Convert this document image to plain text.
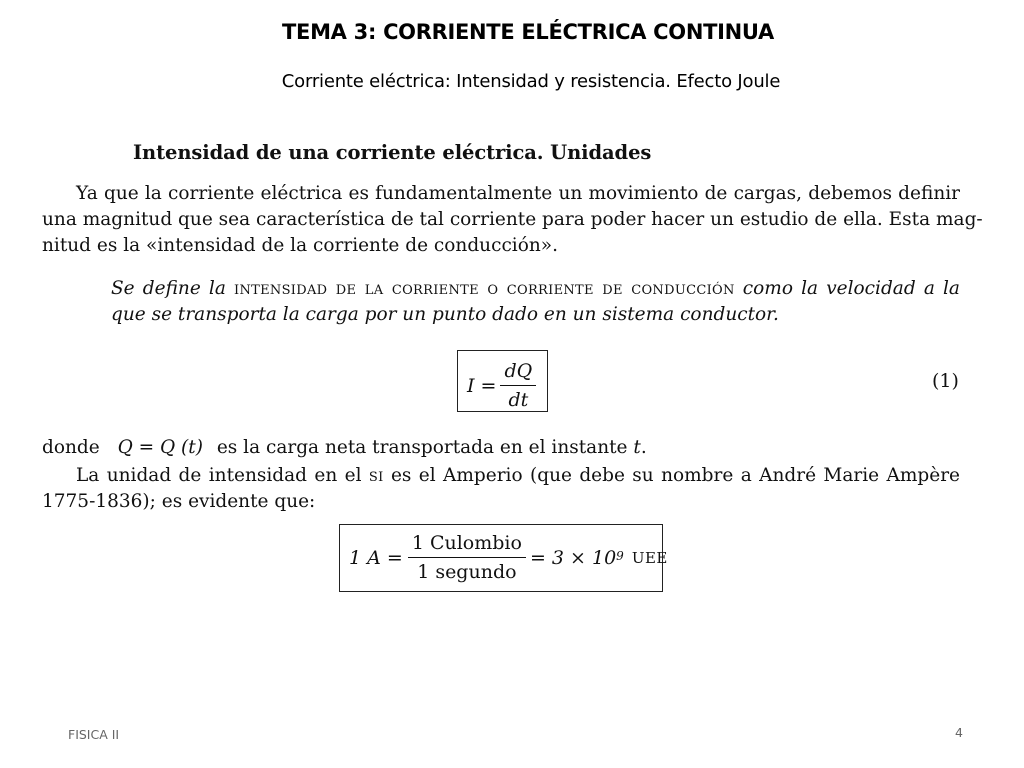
TEMA 3: CORRIENTE ELÉCTRICA CONTINUA
Corriente eléctrica: Intensidad y resistencia. Efecto Joule
Intensidad de una corriente eléctrica. Unidades
Ya que la corriente eléctrica es fundamentalmente un movimiento de cargas, debemos definir
una magnitud que sea característica de tal corriente para poder hacer un estudio de ella. Esta mag-
nitud es la «intensidad de la corriente de conducción».
Se define la intensidad de la corriente o corriente de conducción como la velocidad a la
que se transporta la carga por un punto dado en un sistema conductor.
$I = \frac{dQ}{dt}$	(1)
donde Q = Q (t) es la carga neta transportada en el instante t.
La unidad de intensidad en el si es el Amperio (que debe su nombre a André Marie Ampère
1775-1836); es evidente que:
1 $A = \frac{\text{1 Culombio}}{\text{1 segundo}} = 3 \times 10^9$ UEE
FISICA II	4
